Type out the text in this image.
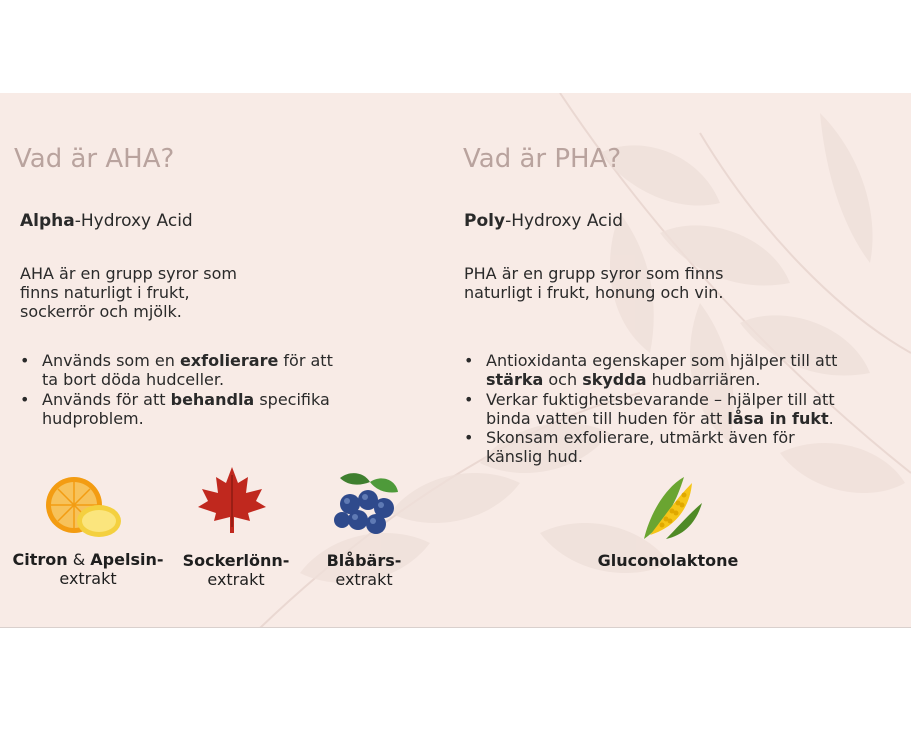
Vad är AHA?
Alpha-Hydroxy Acid
AHA är en grupp syror som
finns naturligt i frukt,
sockerrör och mjölk.
• Används som en exfolierare för att
ta bort döda hudceller.
• Används för att behandla specifika
hudproblem.
Citron & Apelsin-
extrakt
Sockerlönn-
extrakt
Blåbärs-
extrakt
Vad är PHA?
Poly-Hydroxy Acid
PHA är en grupp syror som finns
naturligt i frukt, honung och vin.
• Antioxidanta egenskaper som hjälper till att
stärka och skydda hudbarriären.
• Verkar fuktighetsbevarande – hjälper till att
binda vatten till huden för att låsa in fukt.
• Skonsam exfolierare, utmärkt även för
känslig hud.
Gluconolaktone
